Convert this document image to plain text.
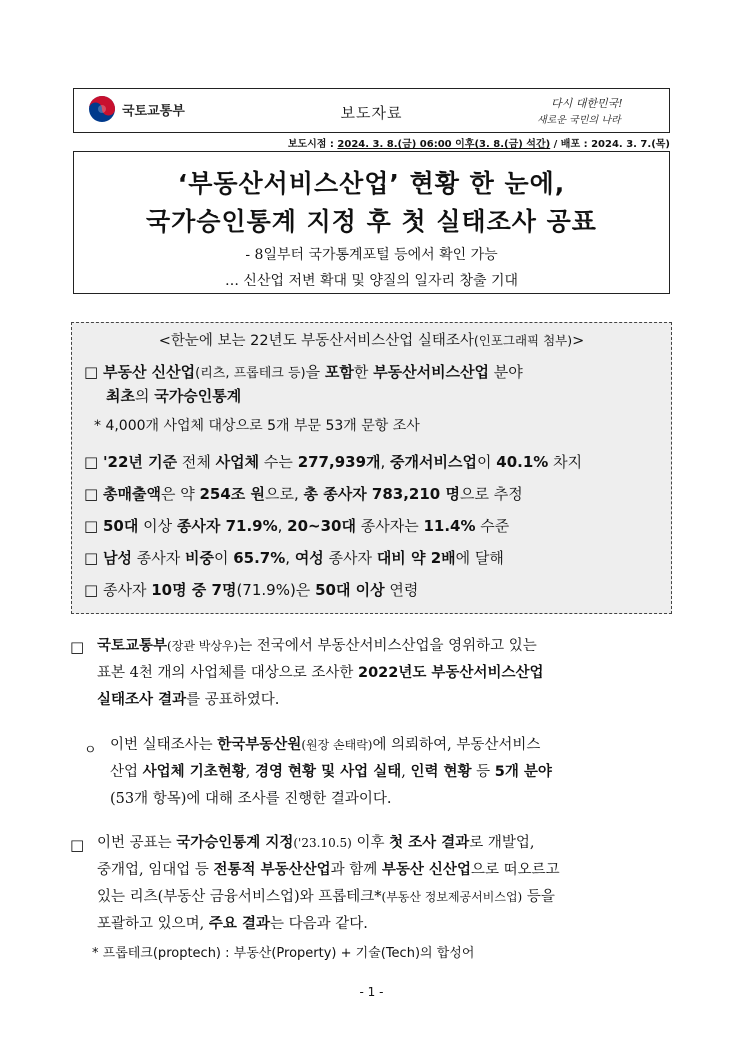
국토교통부	보도자료
다시 대한민국!
새로운 국민의 나라
보도시점 : 2024. 3. 8.(금) 06:00 이후(3. 8.(금) 석간) / 배포 : 2024. 3. 7.(목)
‘부동산서비스산업’ 현황 한 눈에,
국가승인통계 지정 후 첫 실태조사 공표
- 8일부터 국가통계포털 등에서 확인 가능
… 신산업 저변 확대 및 양질의 일자리 창출 기대
<한눈에 보는 22년도 부동산서비스산업 실태조사(인포그래픽 첨부)>
□ 부동산 신산업(리츠, 프롭테크 등)을 포함한 부동산서비스산업 분야
최초의 국가승인통계
* 4,000개 사업체 대상으로 5개 부문 53개 문항 조사
□ '22년 기준 전체 사업체 수는 277,939개, 중개서비스업이 40.1% 차지
□ 총매출액은 약 254조 원으로, 총 종사자 783,210 명으로 추정
□ 50대 이상 종사자 71.9%, 20~30대 종사자는 11.4% 수준
□ 남성 종사자 비중이 65.7%, 여성 종사자 대비 약 2배에 달해
□ 종사자 10명 중 7명(71.9%)은 50대 이상 연령
□ 국토교통부(장관 박상우)는 전국에서 부동산서비스산업을 영위하고 있는
표본 4천 개의 사업체를 대상으로 조사한 2022년도 부동산서비스산업
실태조사 결과를 공표하였다.
ㅇ 이번 실태조사는 한국부동산원(원장 손태락)에 의뢰하여, 부동산서비스
산업 사업체 기초현황, 경영 현황 및 사업 실태, 인력 현황 등 5개 분야
(53개 항목)에 대해 조사를 진행한 결과이다.
□ 이번 공표는 국가승인통계 지정('23.10.5) 이후 첫 조사 결과로 개발업,
중개업, 임대업 등 전통적 부동산산업과 함께 부동산 신산업으로 떠오르고
있는 리츠(부동산 금융서비스업)와 프롭테크*(부동산 정보제공서비스업) 등을
포괄하고 있으며, 주요 결과는 다음과 같다.
* 프롭테크(proptech) : 부동산(Property) + 기술(Tech)의 합성어
- 1 -
